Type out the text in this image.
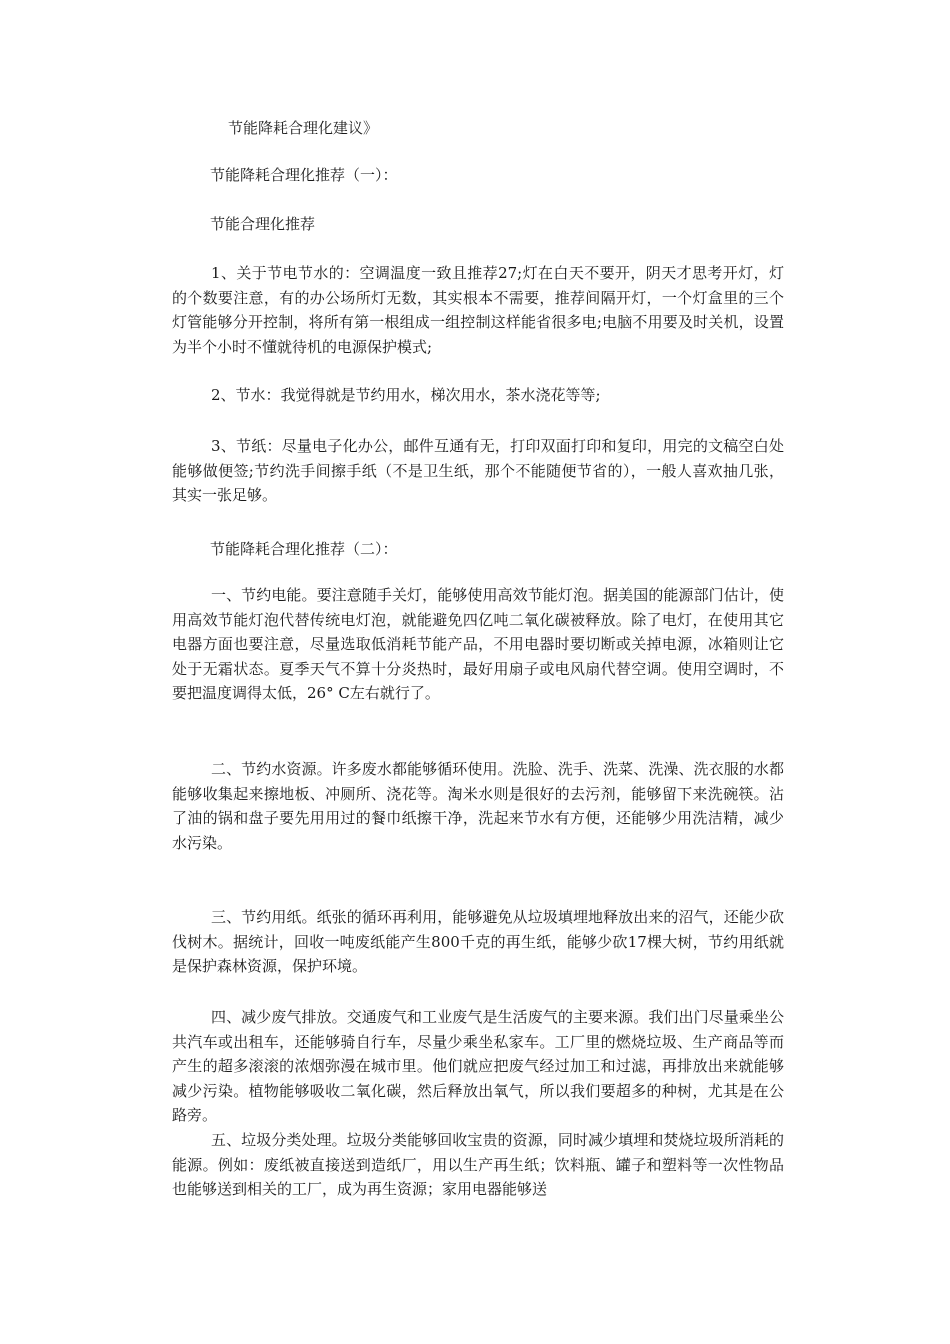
节能降耗合理化建议》
节能降耗合理化推荐（一）：
节能合理化推荐

1、关于节电节水的：空调温度一致且推荐27;灯在白天不要开，阴天才思考开灯，灯的个数要注意，有的办公场所灯无数，其实根本不需要，推荐间隔开灯，一个灯盒里的三个灯管能够分开控制，将所有第一根组成一组控制这样能省很多电;电脑不用要及时关机，设置为半个小时不懂就待机的电源保护模式;

2、节水：我觉得就是节约用水，梯次用水，茶水浇花等等;

3、节纸：尽量电子化办公，邮件互通有无，打印双面打印和复印，用完的文稿空白处能够做便签;节约洗手间擦手纸（不是卫生纸，那个不能随便节省的），一般人喜欢抽几张，其实一张足够。

节能降耗合理化推荐（二）：

一、节约电能。要注意随手关灯，能够使用高效节能灯泡。据美国的能源部门估计，使用高效节能灯泡代替传统电灯泡，就能避免四亿吨二氧化碳被释放。除了电灯，在使用其它电器方面也要注意，尽量选取低消耗节能产品，不用电器时要切断或关掉电源，冰箱则让它处于无霜状态。夏季天气不算十分炎热时，最好用扇子或电风扇代替空调。使用空调时，不要把温度调得太低，26° C左右就行了。

二、节约水资源。许多废水都能够循环使用。洗脸、洗手、洗菜、洗澡、洗衣服的水都能够收集起来擦地板、冲厕所、浇花等。淘米水则是很好的去污剂，能够留下来洗碗筷。沾了油的锅和盘子要先用用过的餐巾纸擦干净，洗起来节水有方便，还能够少用洗洁精，减少水污染。

三、节约用纸。纸张的循环再利用，能够避免从垃圾填埋地释放出来的沼气，还能少砍伐树木。据统计，回收一吨废纸能产生800千克的再生纸，能够少砍17棵大树，节约用纸就是保护森林资源，保护环境。

四、减少废气排放。交通废气和工业废气是生活废气的主要来源。我们出门尽量乘坐公共汽车或出租车，还能够骑自行车，尽量少乘坐私家车。工厂里的燃烧垃圾、生产商品等而产生的超多滚滚的浓烟弥漫在城市里。他们就应把废气经过加工和过滤，再排放出来就能够减少污染。植物能够吸收二氧化碳，然后释放出氧气，所以我们要超多的种树，尤其是在公路旁。

五、垃圾分类处理。垃圾分类能够回收宝贵的资源，同时减少填埋和焚烧垃圾所消耗的能源。例如：废纸被直接送到造纸厂，用以生产再生纸；饮料瓶、罐子和塑料等一次性物品也能够送到相关的工厂，成为再生资源；家用电器能够送
